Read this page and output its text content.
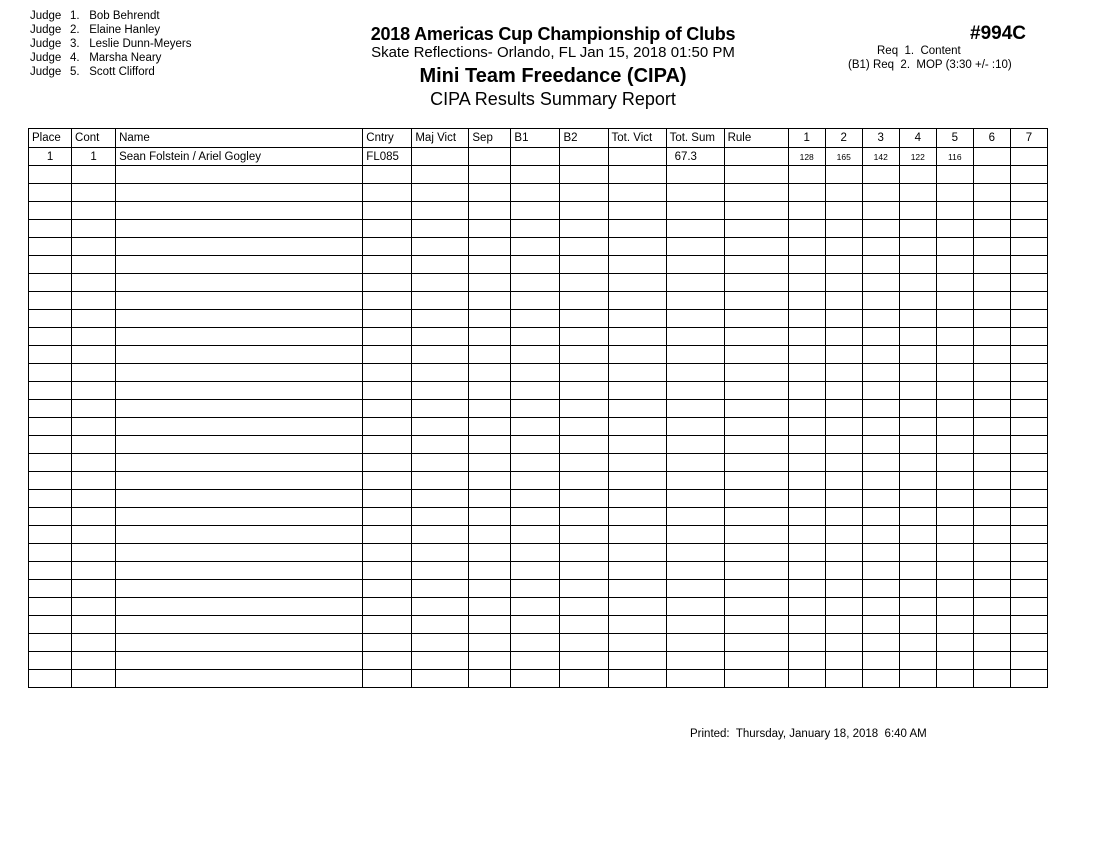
Judge 1. Bob Behrendt
Judge 2. Elaine Hanley
Judge 3. Leslie Dunn-Meyers
Judge 4. Marsha Neary
Judge 5. Scott Clifford
2018 Americas Cup Championship of Clubs
Skate Reflections- Orlando, FL Jan 15, 2018 01:50 PM
Mini Team Freedance (CIPA)
CIPA Results Summary Report
#994C
Req  1.  Content
(B1) Req  2.  MOP (3:30 +/- :10)
Place	Cont	Name	Cntry	Maj Vict	Sep	B1	B2	Tot. Vict	Tot. Sum	Rule	1	2	3	4	5	6	7
1	1	Sean Folstein / Ariel Gogley	FL085						67.3		128	165	142	122	116		

Printed:  Thursday, January 18, 2018  6:40 AM
